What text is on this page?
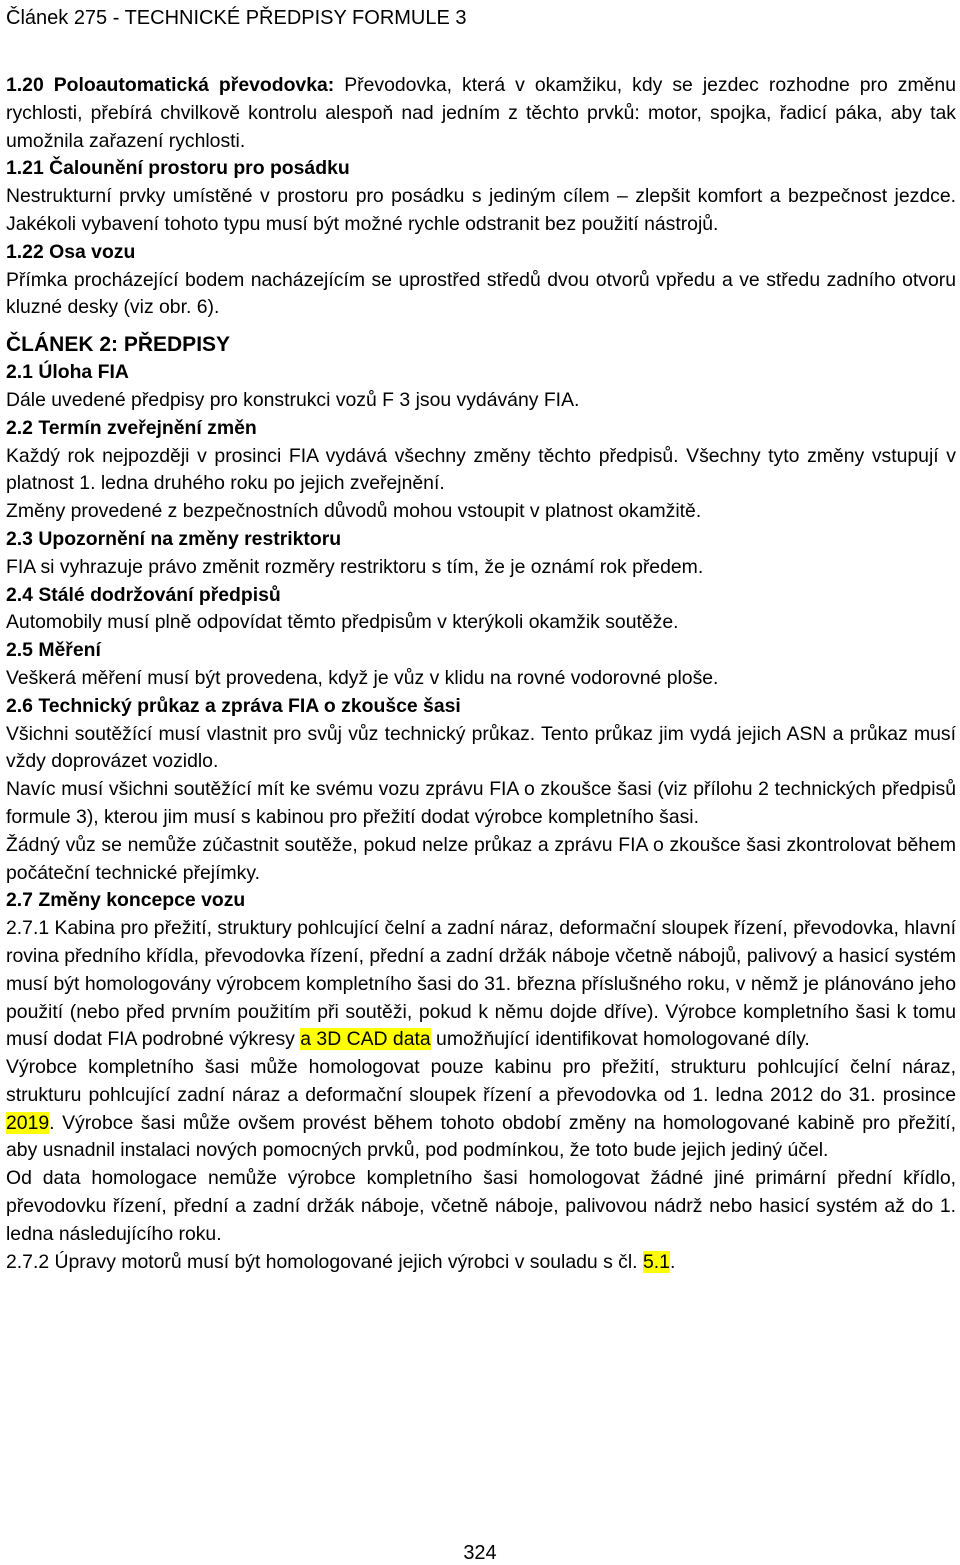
Článek 275 - TECHNICKÉ PŘEDPISY FORMULE 3

1.20 Poloautomatická převodovka: Převodovka, která v okamžiku, kdy se jezdec rozhodne pro změnu rychlosti, přebírá chvilkově kontrolu alespoň nad jedním z těchto prvků: motor, spojka, řadicí páka, aby tak umožnila zařazení rychlosti.

1.21 Čalounění prostoru pro posádku

Nestrukturní prvky umístěné v prostoru pro posádku s jediným cílem – zlepšit komfort a bezpečnost jezdce. Jakékoli vybavení tohoto typu musí být možné rychle odstranit bez použití nástrojů.

1.22 Osa vozu

Přímka procházející bodem nacházejícím se uprostřed středů dvou otvorů vpředu a ve středu zadního otvoru kluzné desky (viz obr. 6).

ČLÁNEK 2: PŘEDPISY
2.1 Úloha FIA

Dále uvedené předpisy pro konstrukci vozů F 3 jsou vydávány FIA.

2.2 Termín zveřejnění změn

Každý rok nejpozději v prosinci FIA vydává všechny změny těchto předpisů. Všechny tyto změny vstupují v platnost 1. ledna druhého roku po jejich zveřejnění.

Změny provedené z bezpečnostních důvodů mohou vstoupit v platnost okamžitě.

2.3 Upozornění na změny restriktoru

FIA si vyhrazuje právo změnit rozměry restriktoru s tím, že je oznámí rok předem.

2.4 Stálé dodržování předpisů

Automobily musí plně odpovídat těmto předpisům v kterýkoli okamžik soutěže.

2.5 Měření

Veškerá měření musí být provedena, když je vůz v klidu na rovné vodorovné ploše.

2.6 Technický průkaz a zpráva FIA o zkoušce šasi

Všichni soutěžící musí vlastnit pro svůj vůz technický průkaz. Tento průkaz jim vydá jejich ASN a průkaz musí vždy doprovázet vozidlo.

Navíc musí všichni soutěžící mít ke svému vozu zprávu FIA o zkoušce šasi (viz přílohu 2 technických předpisů formule 3), kterou jim musí s kabinou pro přežití dodat výrobce kompletního šasi.

Žádný vůz se nemůže zúčastnit soutěže, pokud nelze průkaz a zprávu FIA o zkoušce šasi zkontrolovat během počáteční technické přejímky.

2.7 Změny koncepce vozu

2.7.1 Kabina pro přežití, struktury pohlcující čelní a zadní náraz, deformační sloupek řízení, převodovka, hlavní rovina předního křídla, převodovka řízení, přední a zadní držák náboje včetně nábojů, palivový a hasicí systém musí být homologovány výrobcem kompletního šasi do 31. března příslušného roku, v němž je plánováno jeho použití (nebo před prvním použitím při soutěži, pokud k němu dojde dříve). Výrobce kompletního šasi k tomu musí dodat FIA podrobné výkresy a 3D CAD data umožňující identifikovat homologované díly.

Výrobce kompletního šasi může homologovat pouze kabinu pro přežití, strukturu pohlcující čelní náraz, strukturu pohlcující zadní náraz a deformační sloupek řízení a převodovka od 1. ledna 2012 do 31. prosince 2019. Výrobce šasi může ovšem provést během tohoto období změny na homologované kabině pro přežití, aby usnadnil instalaci nových pomocných prvků, pod podmínkou, že toto bude jejich jediný účel.

Od data homologace nemůže výrobce kompletního šasi homologovat žádné jiné primární přední křídlo, převodovku řízení, přední a zadní držák náboje, včetně náboje, palivovou nádrž nebo hasicí systém až do 1. ledna následujícího roku.

2.7.2 Úpravy motorů musí být homologované jejich výrobci v souladu s čl. 5.1.

324
